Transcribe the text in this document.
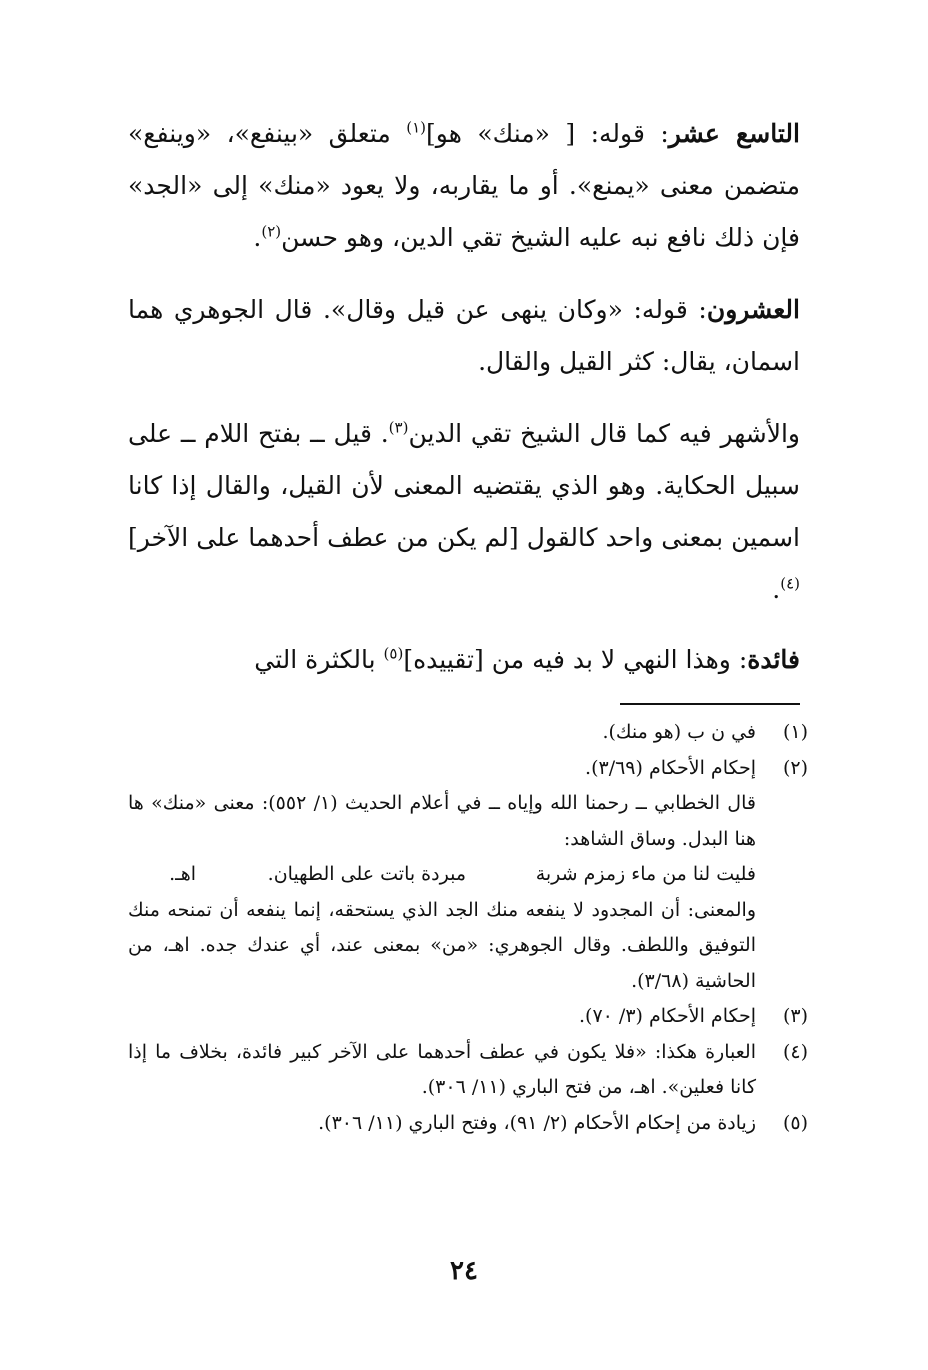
التاسع عشر: قوله: [ «منك» هو]$^{(١)}$ متعلق «بينفع»، «وينفع» متضمن معنى «يمنع». أو ما يقاربه، ولا يعود «منك» إلى «الجد» فإن ذلك نافع نبه عليه الشيخ تقي الدين، وهو حسن$^{(٢)}$.

العشرون: قوله: «وكان ينهى عن قيل وقال». قال الجوهري هما اسمان، يقال: كثر القيل والقال.

والأشهر فيه كما قال الشيخ تقي الدين$^{(٣)}$. قيل ــ بفتح اللام ــ على سبيل الحكاية. وهو الذي يقتضيه المعنى لأن القيل، والقال إذا كانا اسمين بمعنى واحد كالقول [لم يكن من عطف أحدهما على الآخر]$^{(٤)}$.

فائدة: وهذا النهي لا بد فيه من [تقييده]$^{(٥)}$ بالكثرة التي

(١)
في ن ب (هو منك).
(٢)
إحكام الأحكام (٣/٦٩).
قال الخطابي ــ رحمنا الله وإياه ــ في أعلام الحديث (١/ ٥٥٢): معنى «منك» ها هنا البدل. وساق الشاهد:
فليت لنا من ماء زمزم شربة
مبردة باتت على الطهيان.
اهـ.
والمعنى: أن المجدود لا ينفعه منك الجد الذي يستحقه، إنما ينفعه أن تمنحه منك التوفيق واللطف. وقال الجوهري: «من» بمعنى عند، أي عندك جده. اهـ، من الحاشية (٣/٦٨).
(٣)
إحكام الأحكام (٣/ ٧٠).
(٤)
العبارة هكذا: «فلا يكون في عطف أحدهما على الآخر كبير فائدة، بخلاف ما إذا كانا فعلين». اهـ، من فتح الباري (١١/ ٣٠٦).
(٥)
زيادة من إحكام الأحكام (٢/ ٩١)، وفتح الباري (١١/ ٣٠٦).
٢٤
